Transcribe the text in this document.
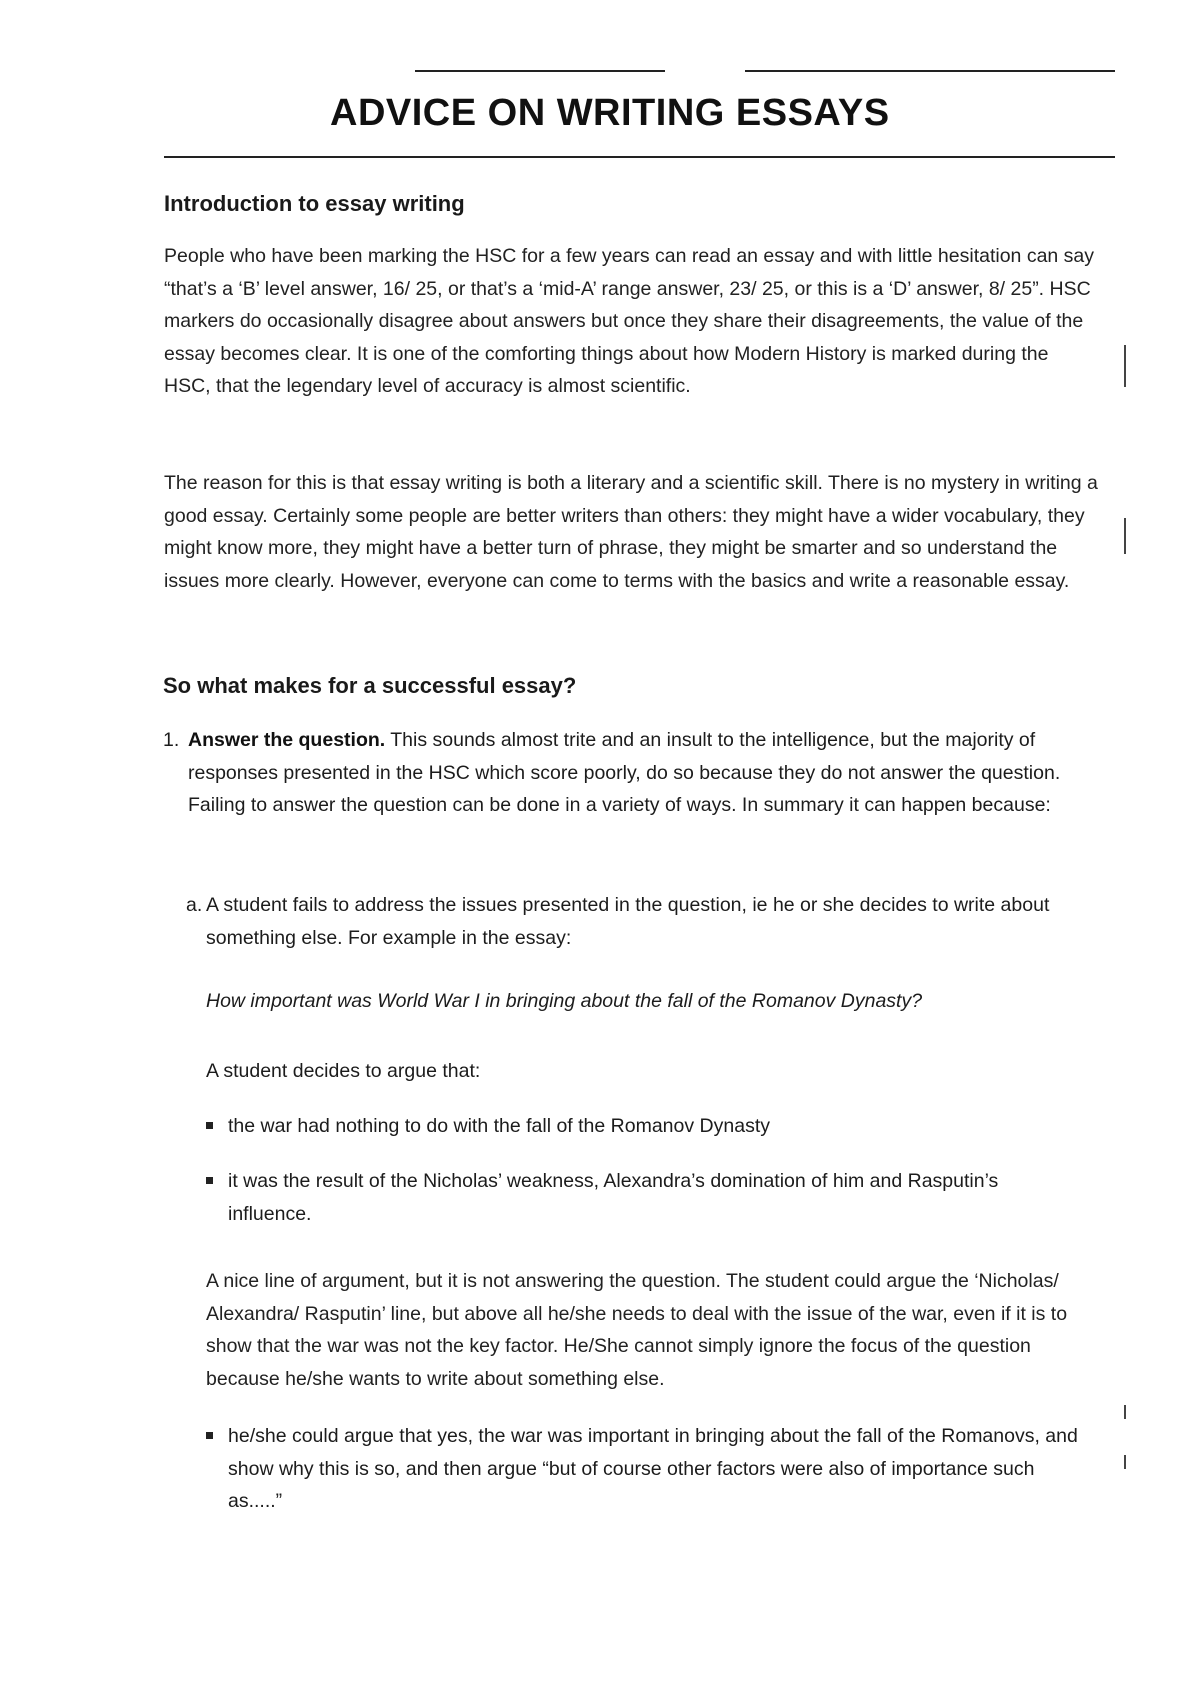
ADVICE ON WRITING ESSAYS
Introduction to essay writing

People who have been marking the HSC for a few years can read an essay and with little hesitation can say “that’s a ‘B’ level answer, 16/ 25, or that’s a ‘mid-A’ range answer, 23/ 25, or this is a ‘D’ answer, 8/ 25”. HSC markers do occasionally disagree about answers but once they share their disagreements, the value of the essay becomes clear. It is one of the comforting things about how Modern History is marked during the HSC, that the legendary level of accuracy is almost scientific.

The reason for this is that essay writing is both a literary and a scientific skill. There is no mystery in writing a good essay. Certainly some people are better writers than others: they might have a wider vocabulary, they might know more, they might have a better turn of phrase, they might be smarter and so understand the issues more clearly. However, everyone can come to terms with the basics and write a reasonable essay.

So what makes for a successful essay?
1. Answer the question. This sounds almost trite and an insult to the intelligence, but the majority of responses presented in the HSC which score poorly, do so because they do not answer the question. Failing to answer the question can be done in a variety of ways. In summary it can happen because:

a. A student fails to address the issues presented in the question, ie he or she decides to write about something else. For example in the essay:

How important was World War I in bringing about the fall of the Romanov Dynasty?

A student decides to argue that:

the war had nothing to do with the fall of the Romanov Dynasty

it was the result of the Nicholas’ weakness, Alexandra’s domination of him and Rasputin’s influence.

A nice line of argument, but it is not answering the question. The student could argue the ‘Nicholas/ Alexandra/ Rasputin’ line, but above all he/she needs to deal with the issue of the war, even if it is to show that the war was not the key factor. He/She cannot simply ignore the focus of the question because he/she wants to write about something else.

he/she could argue that yes, the war was important in bringing about the fall of the Romanovs, and show why this is so, and then argue “but of course other factors were also of importance such as.....”
